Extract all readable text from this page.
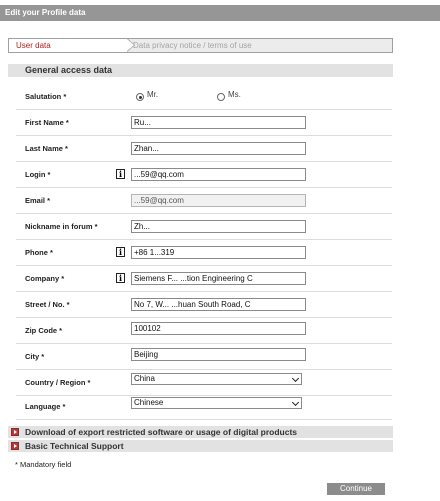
Edit your Profile data
User data	Data privacy notice / terms of use
General access data
Salutation *	Mr.	Ms.
First Name *	Ru...
Last Name *	Zhan...
Login *	i	...59@qq.com
Email *	...59@qq.com
Nickname in forum *	Zh...
Phone *	i	+86 1...319
Company *	i	Siemens F... ...tion Engineering C
Street / No. *	No 7, W... ...huan South Road, C
Zip Code *	100102
City *	Beijing
Country / Region *	China
Language *	Chinese
Download of export restricted software or usage of digital products
Basic Technical Support
* Mandatory field
Continue
